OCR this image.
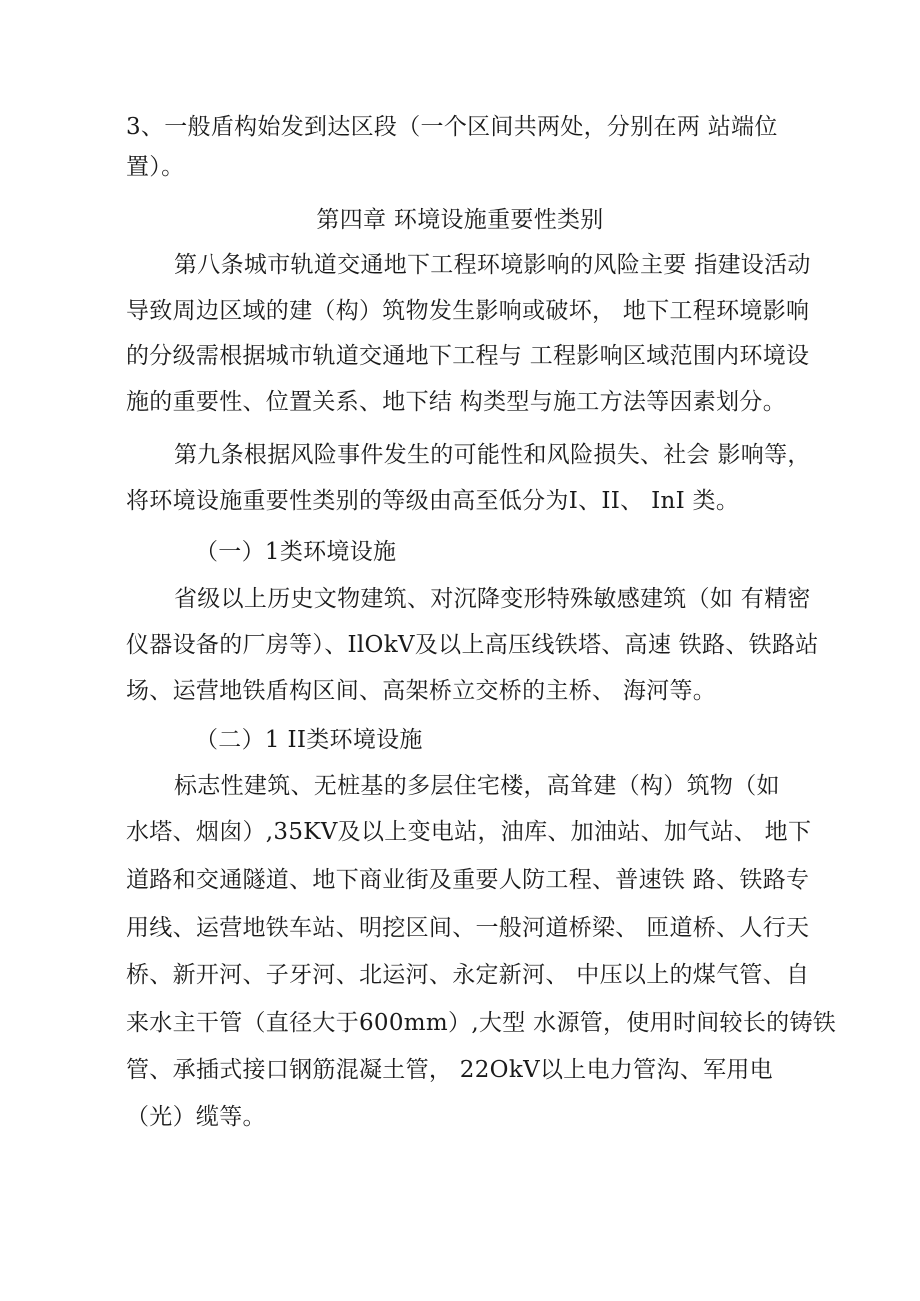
3、一般盾构始发到达区段（一个区间共两处，分别在两 站端位
置）。
第四章 环境设施重要性类别
第八条城市轨道交通地下工程环境影响的风险主要 指建设活动
导致周边区域的建（构）筑物发生影响或破坏， 地下工程环境影响
的分级需根据城市轨道交通地下工程与 工程影响区域范围内环境设
施的重要性、位置关系、地下结 构类型与施工方法等因素划分。
第九条根据风险事件发生的可能性和风险损失、社会 影响等，
将环境设施重要性类别的等级由高至低分为I、II、 InI 类。
（一）1类环境设施
省级以上历史文物建筑、对沉降变形特殊敏感建筑（如 有精密
仪器设备的厂房等）、IlOkV及以上高压线铁塔、高速 铁路、铁路站
场、运营地铁盾构区间、高架桥立交桥的主桥、 海河等。
（二）1 II类环境设施
标志性建筑、无桩基的多层住宅楼，高耸建（构）筑物（如
水塔、烟囱）,35KV及以上变电站，油库、加油站、加气站、 地下
道路和交通隧道、地下商业街及重要人防工程、普速铁 路、铁路专
用线、运营地铁车站、明挖区间、一般河道桥梁、 匝道桥、人行天
桥、新开河、子牙河、北运河、永定新河、 中压以上的煤气管、自
来水主干管（直径大于600mm）,大型 水源管，使用时间较长的铸铁
管、承插式接口钢筋混凝土管， 22OkV以上电力管沟、军用电
（光）缆等。
